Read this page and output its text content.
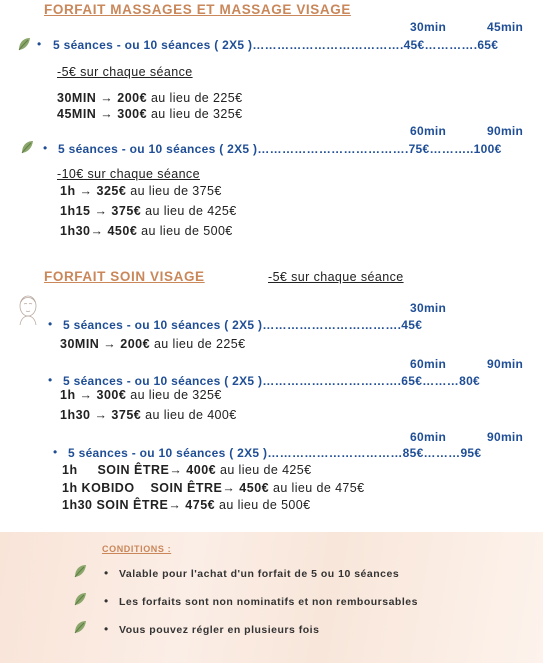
FORFAIT MASSAGES ET MASSAGE VISAGE
30min	45min
• 5 séances - ou 10 séances ( 2X5 )……………………………….45€………….65€
-5€ sur chaque séance
30MIN → 200€ au lieu de 225€
45MIN → 300€ au lieu de 325€
60min	90min
• 5 séances - ou 10 séances ( 2X5 )……………………………….75€………..100€
-10€ sur chaque séance
1h → 325€ au lieu de 375€
1h15 → 375€ au lieu de 425€
1h30→ 450€ au lieu de 500€
FORFAIT SOIN VISAGE	-5€ sur chaque séance
30min
• 5 séances - ou 10 séances ( 2X5 )…………………………….45€
30MIN → 200€ au lieu de 225€
60min	90min
• 5 séances - ou 10 séances ( 2X5 )…………………………….65€………80€
1h → 300€ au lieu de 325€
1h30 → 375€ au lieu de 400€
60min	90min
• 5 séances - ou 10 séances ( 2X5 )……………………………85€………95€
1h     SOIN ÊTRE→ 400€ au lieu de 425€
1h KOBIDO    SOIN ÊTRE→ 450€ au lieu de 475€
1h30 SOIN ÊTRE→ 475€ au lieu de 500€
CONDITIONS :
• Valable pour l'achat d'un forfait de 5 ou 10 séances
• Les forfaits sont non nominatifs et non remboursables
• Vous pouvez régler en plusieurs fois
